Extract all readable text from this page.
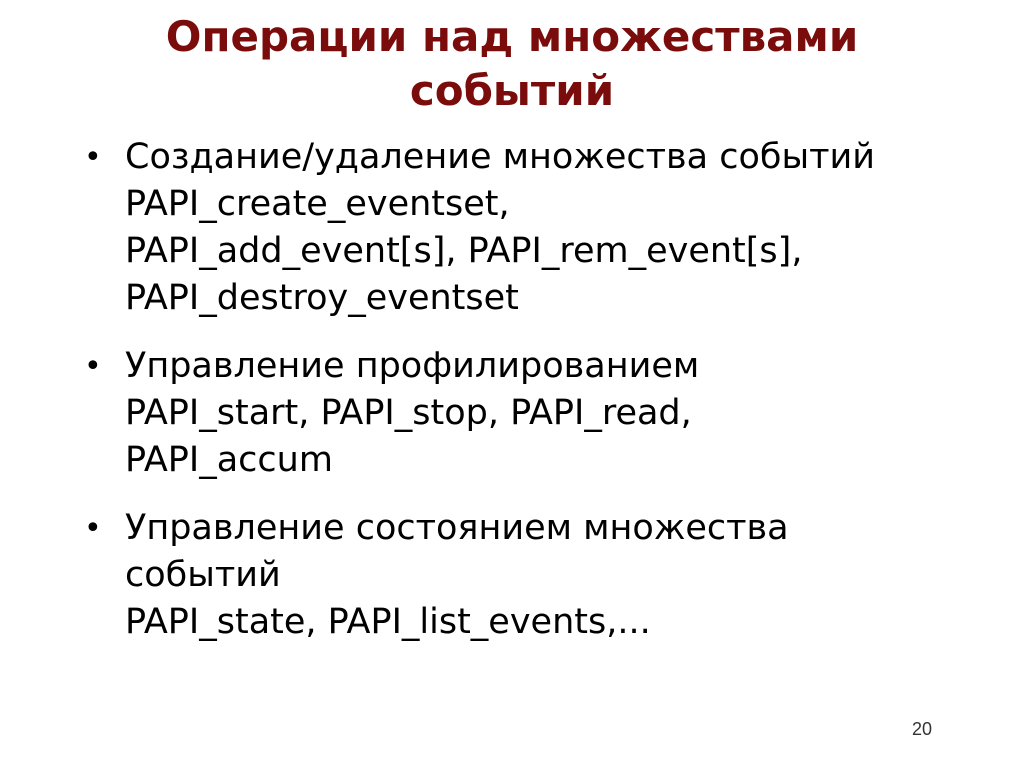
Операции над множествами
событий
• Создание/удаление множества событий
PAPI_create_eventset,
PAPI_add_event[s], PAPI_rem_event[s],
PAPI_destroy_eventset
• Управление профилированием
PAPI_start, PAPI_stop, PAPI_read,
PAPI_accum
• Управление состоянием множества
событий
PAPI_state, PAPI_list_events,...
20
